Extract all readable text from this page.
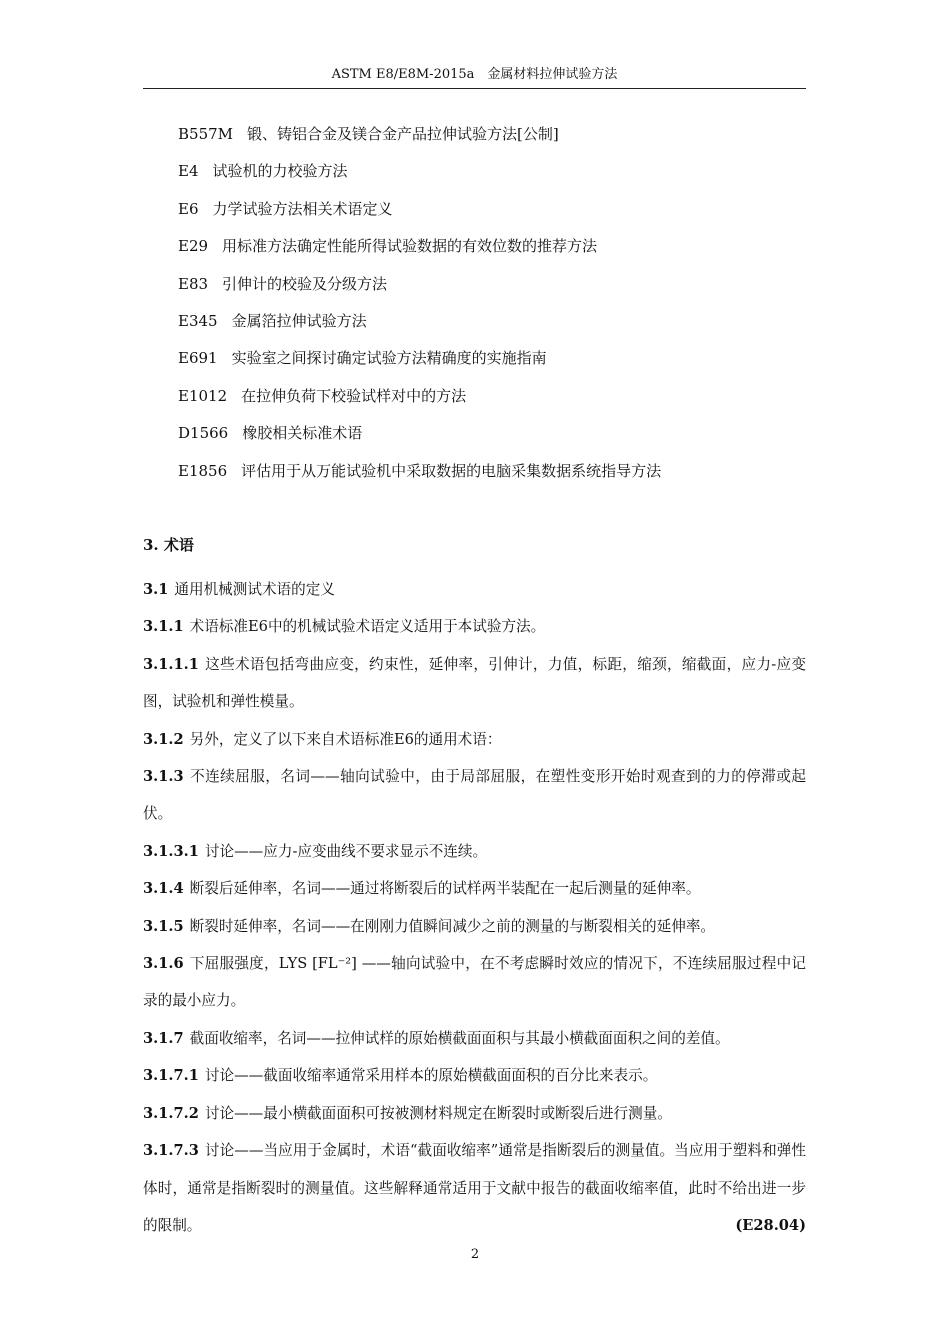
ASTM E8/E8M-2015a　金属材料拉伸试验方法
B557M 锻、铸铝合金及镁合金产品拉伸试验方法[公制]
E4 试验机的力校验方法
E6 力学试验方法相关术语定义
E29 用标准方法确定性能所得试验数据的有效位数的推荐方法
E83 引伸计的校验及分级方法
E345 金属箔拉伸试验方法
E691 实验室之间探讨确定试验方法精确度的实施指南
E1012 在拉伸负荷下校验试样对中的方法
D1566 橡胶相关标准术语
E1856 评估用于从万能试验机中采取数据的电脑采集数据系统指导方法
3. 术语

3.1 通用机械测试术语的定义

3.1.1 术语标准E6中的机械试验术语定义适用于本试验方法。

3.1.1.1 这些术语包括弯曲应变，约束性，延伸率，引伸计，力值，标距，缩颈，缩截面，应力-应变图，试验机和弹性模量。

3.1.2 另外，定义了以下来自术语标准E6的通用术语：

3.1.3 不连续屈服，名词——轴向试验中，由于局部屈服，在塑性变形开始时观查到的力的停滞或起伏。

3.1.3.1 讨论——应力-应变曲线不要求显示不连续。

3.1.4 断裂后延伸率，名词——通过将断裂后的试样两半装配在一起后测量的延伸率。

3.1.5 断裂时延伸率，名词——在刚刚力值瞬间减少之前的测量的与断裂相关的延伸率。

3.1.6 下屈服强度，LYS [FL⁻²] ——轴向试验中，在不考虑瞬时效应的情况下，不连续屈服过程中记录的最小应力。

3.1.7 截面收缩率，名词——拉伸试样的原始横截面面积与其最小横截面面积之间的差值。

3.1.7.1 讨论——截面收缩率通常采用样本的原始横截面面积的百分比来表示。

3.1.7.2 讨论——最小横截面面积可按被测材料规定在断裂时或断裂后进行测量。

3.1.7.3 讨论——当应用于金属时，术语“截面收缩率”通常是指断裂后的测量值。当应用于塑料和弹性体时，通常是指断裂时的测量值。这些解释通常适用于文献中报告的截面收缩率值，此时不给出进一步的限制。	(E28.04)

2
